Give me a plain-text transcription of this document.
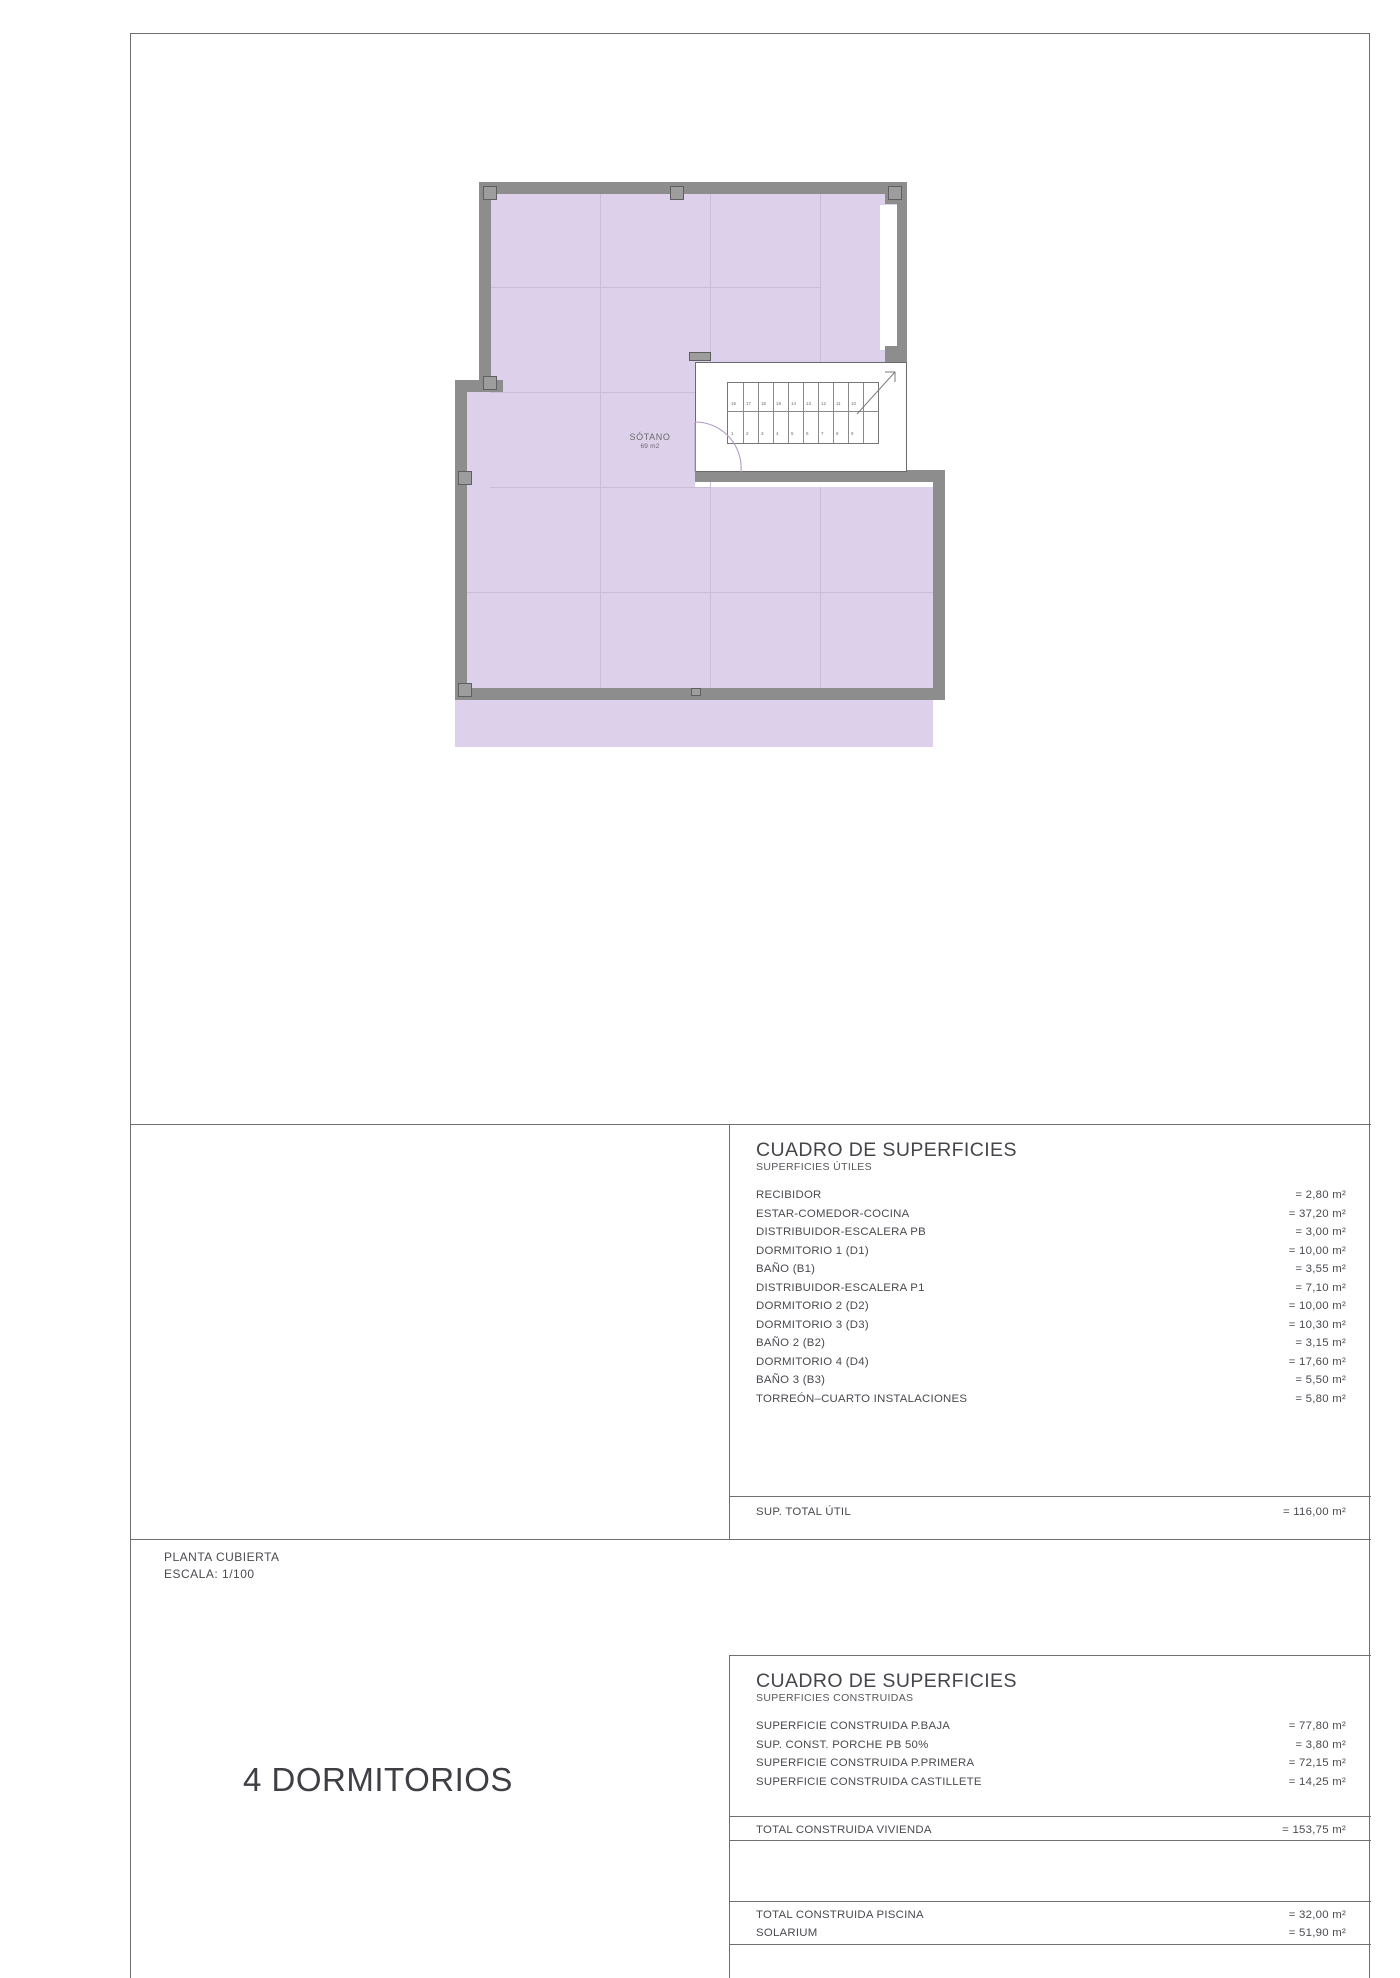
16 17 18 19 14 13 12 11 10
1	2	3	4	5	6	7	8	9
SÓTANO
69 m2
CUADRO DE SUPERFICIES
SUPERFICIES ÚTILES
RECIBIDOR	= 2,80 m²
ESTAR-COMEDOR-COCINA	= 37,20 m²
DISTRIBUIDOR-ESCALERA PB	= 3,00 m²
DORMITORIO 1 (D1)	= 10,00 m²
BAÑO (B1)	= 3,55 m²
DISTRIBUIDOR-ESCALERA P1	= 7,10 m²
DORMITORIO 2 (D2)	= 10,00 m²
DORMITORIO 3 (D3)	= 10,30 m²
BAÑO 2 (B2)	= 3,15 m²
DORMITORIO 4 (D4)	= 17,60 m²
BAÑO 3 (B3)	= 5,50 m²
TORREÓN–CUARTO INSTALACIONES	= 5,80 m²
SUP. TOTAL ÚTIL	= 116,00 m²
PLANTA CUBIERTA
ESCALA: 1/100
4 DORMITORIOS
CUADRO DE SUPERFICIES
SUPERFICIES CONSTRUIDAS
SUPERFICIE CONSTRUIDA P.BAJA	= 77,80 m²
SUP. CONST. PORCHE PB 50%	= 3,80 m²
SUPERFICIE CONSTRUIDA P.PRIMERA	= 72,15 m²
SUPERFICIE CONSTRUIDA CASTILLETE	= 14,25 m²
TOTAL CONSTRUIDA VIVIENDA	= 153,75 m²
TOTAL CONSTRUIDA PISCINA	= 32,00 m²
SOLARIUM	= 51,90 m²
